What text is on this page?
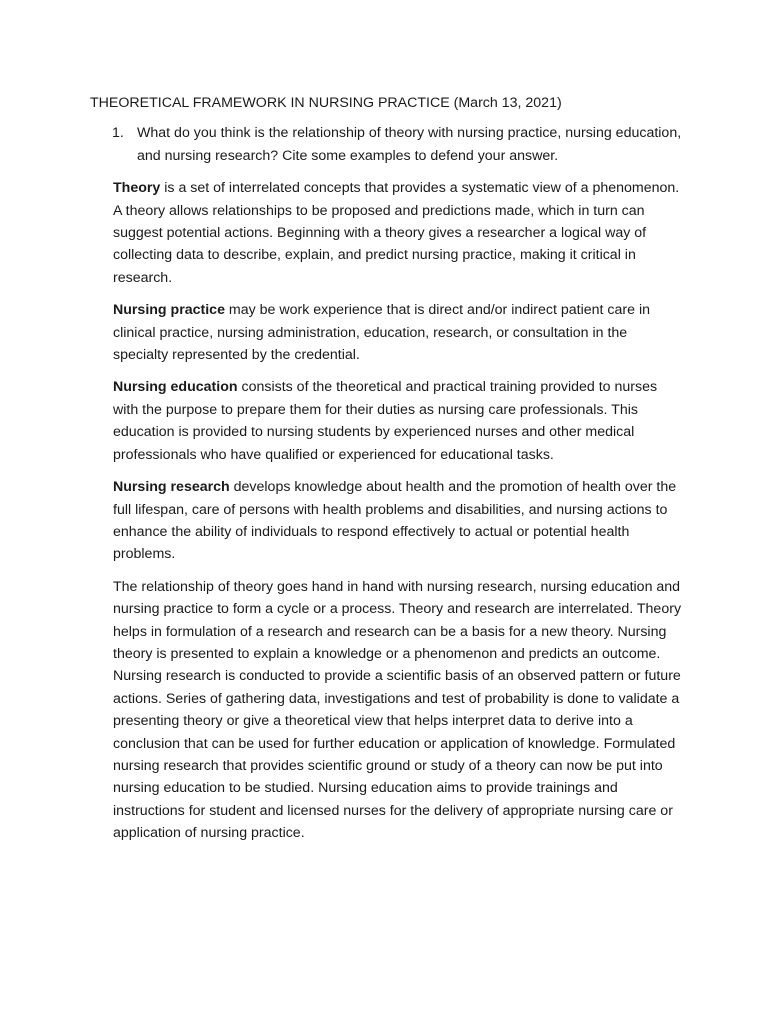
THEORETICAL FRAMEWORK IN NURSING PRACTICE (March 13, 2021)

1. What do you think is the relationship of theory with nursing practice, nursing education, and nursing research? Cite some examples to defend your answer.

Theory is a set of interrelated concepts that provides a systematic view of a phenomenon. A theory allows relationships to be proposed and predictions made, which in turn can suggest potential actions. Beginning with a theory gives a researcher a logical way of collecting data to describe, explain, and predict nursing practice, making it critical in research.

Nursing practice may be work experience that is direct and/or indirect patient care in clinical practice, nursing administration, education, research, or consultation in the specialty represented by the credential.

Nursing education consists of the theoretical and practical training provided to nurses with the purpose to prepare them for their duties as nursing care professionals. This education is provided to nursing students by experienced nurses and other medical professionals who have qualified or experienced for educational tasks.

Nursing research develops knowledge about health and the promotion of health over the full lifespan, care of persons with health problems and disabilities, and nursing actions to enhance the ability of individuals to respond effectively to actual or potential health problems.

The relationship of theory goes hand in hand with nursing research, nursing education and nursing practice to form a cycle or a process. Theory and research are interrelated. Theory helps in formulation of a research and research can be a basis for a new theory. Nursing theory is presented to explain a knowledge or a phenomenon and predicts an outcome. Nursing research is conducted to provide a scientific basis of an observed pattern or future actions. Series of gathering data, investigations and test of probability is done to validate a presenting theory or give a theoretical view that helps interpret data to derive into a conclusion that can be used for further education or application of knowledge. Formulated nursing research that provides scientific ground or study of a theory can now be put into nursing education to be studied. Nursing education aims to provide trainings and instructions for student and licensed nurses for the delivery of appropriate nursing care or application of nursing practice.
